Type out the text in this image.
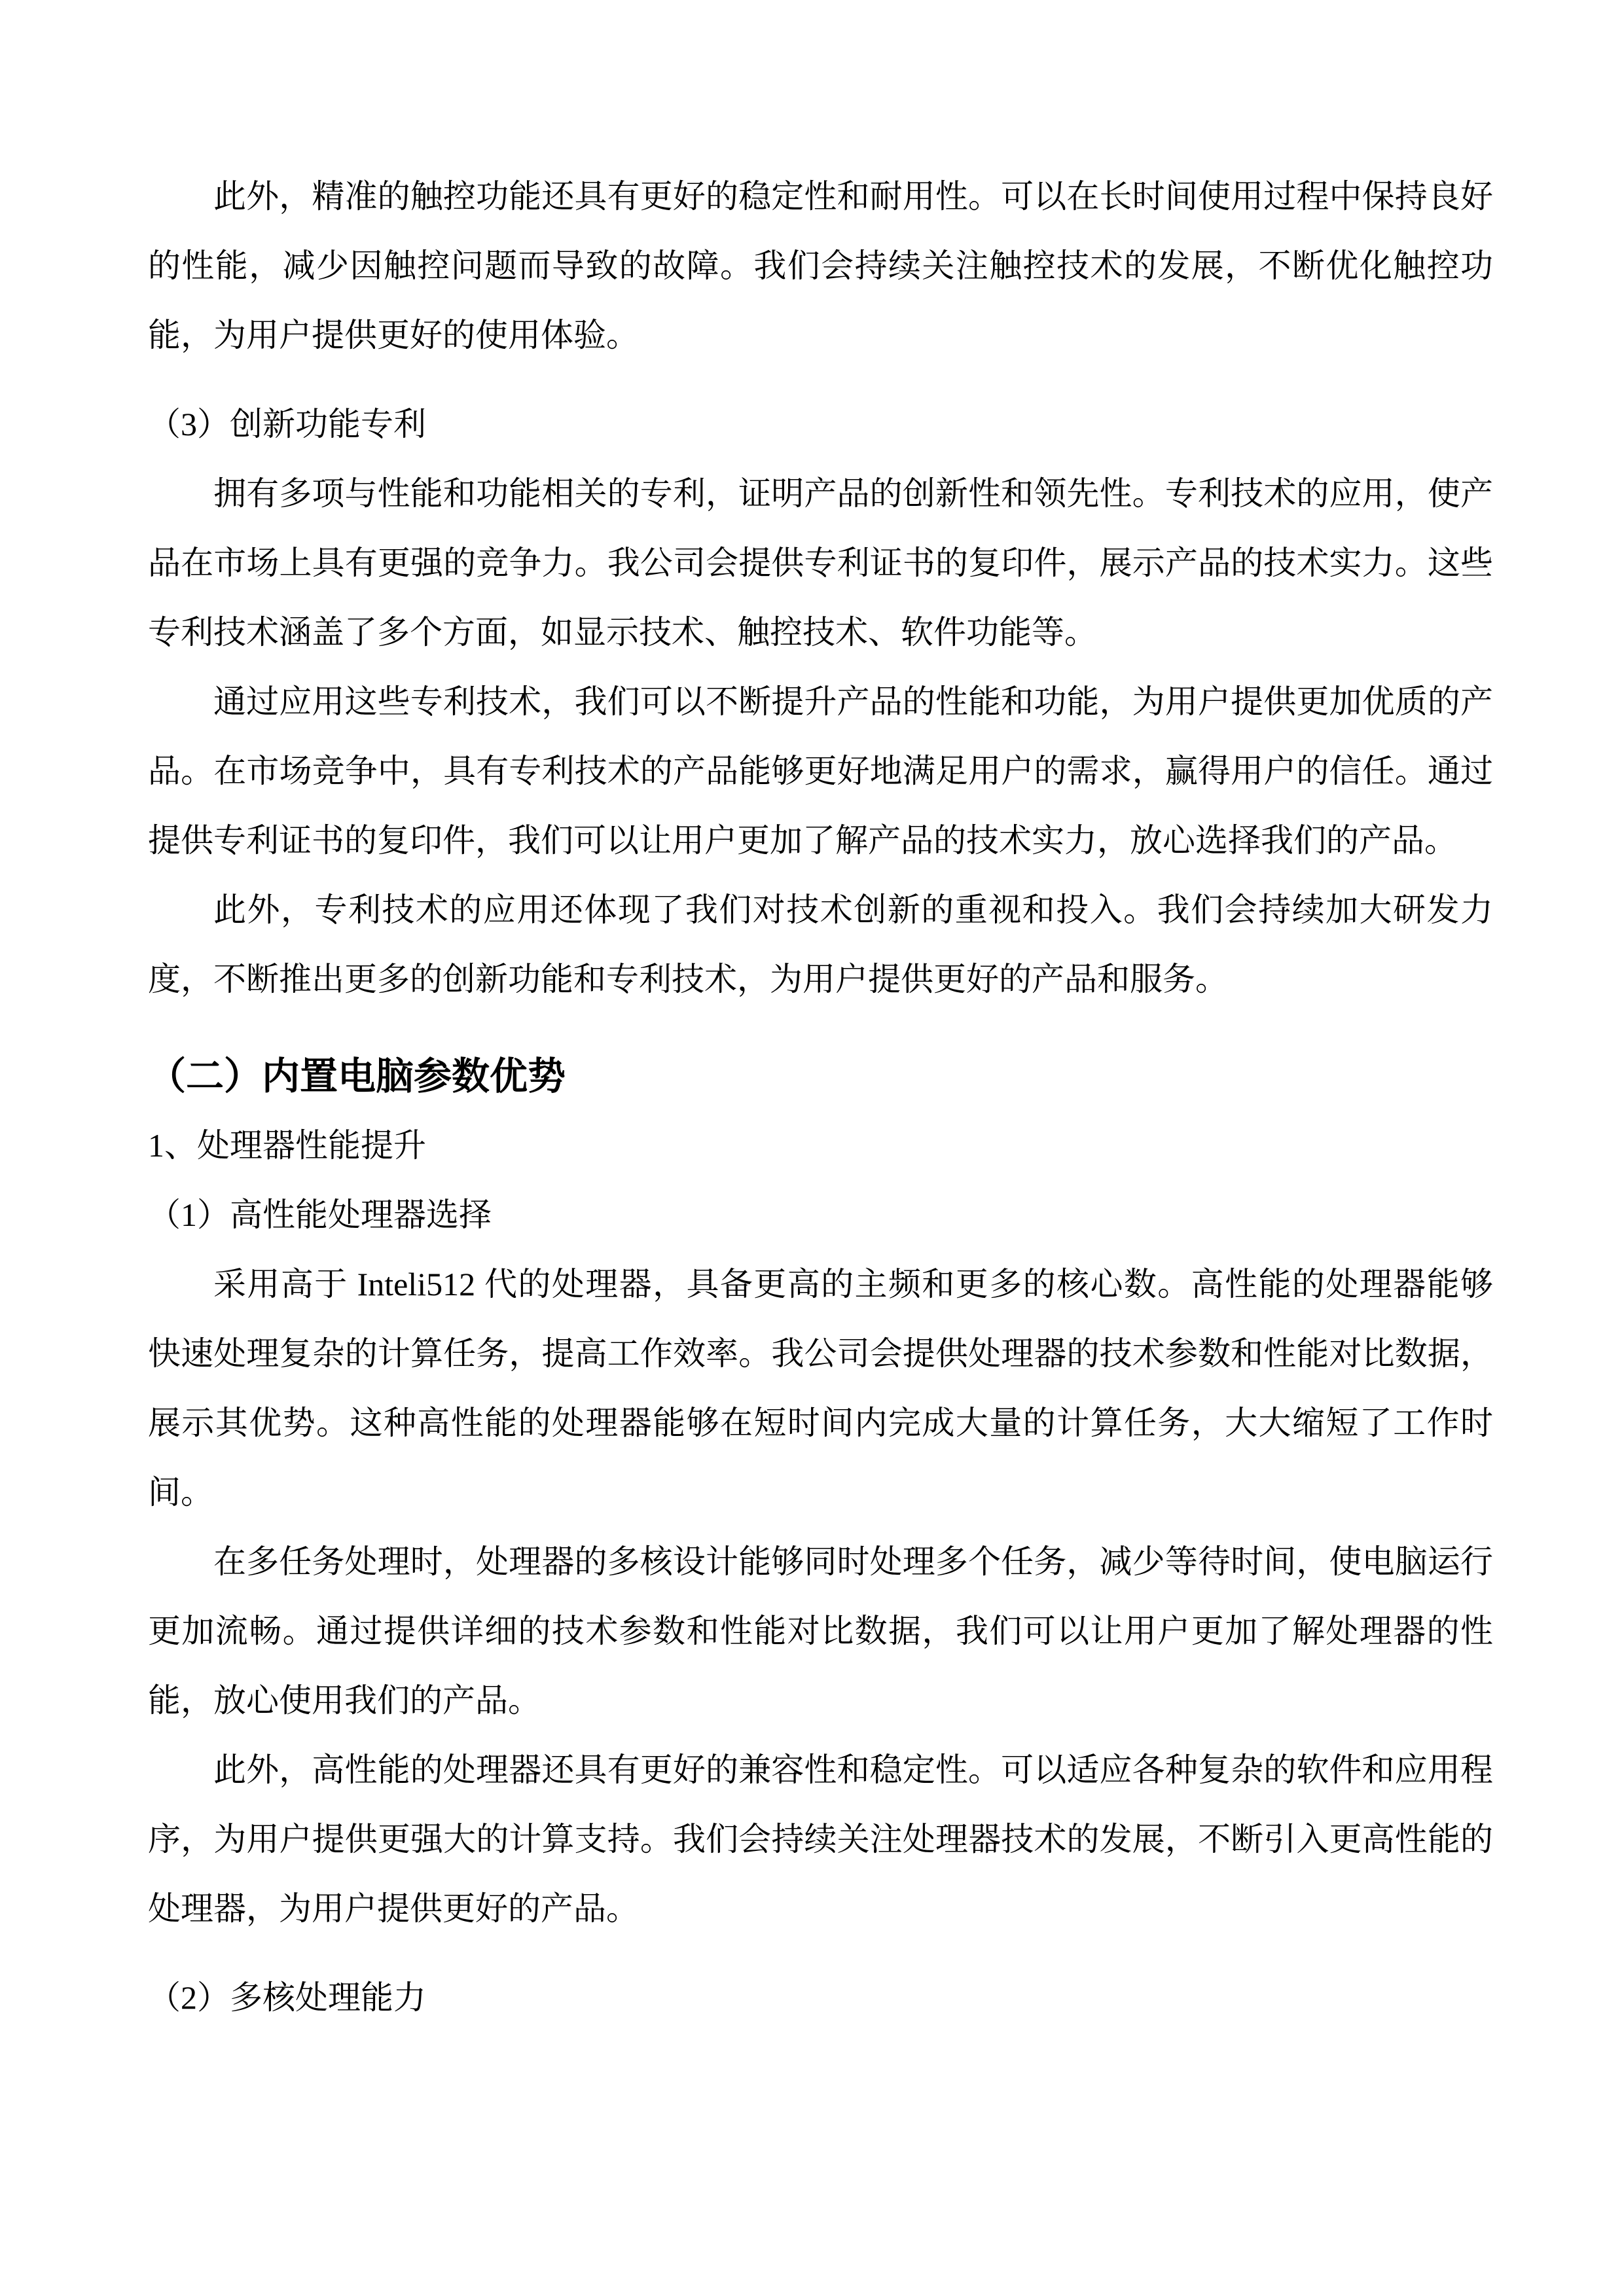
此外，精准的触控功能还具有更好的稳定性和耐用性。可以在长时间使用过程中保持良好的性能，减少因触控问题而导致的故障。我们会持续关注触控技术的发展，不断优化触控功能，为用户提供更好的使用体验。

（3）创新功能专利

拥有多项与性能和功能相关的专利，证明产品的创新性和领先性。专利技术的应用，使产品在市场上具有更强的竞争力。我公司会提供专利证书的复印件，展示产品的技术实力。这些专利技术涵盖了多个方面，如显示技术、触控技术、软件功能等。

通过应用这些专利技术，我们可以不断提升产品的性能和功能，为用户提供更加优质的产品。在市场竞争中，具有专利技术的产品能够更好地满足用户的需求，赢得用户的信任。通过提供专利证书的复印件，我们可以让用户更加了解产品的技术实力，放心选择我们的产品。

此外，专利技术的应用还体现了我们对技术创新的重视和投入。我们会持续加大研发力度，不断推出更多的创新功能和专利技术，为用户提供更好的产品和服务。

（二）内置电脑参数优势

1、处理器性能提升

（1）高性能处理器选择

采用高于 Inteli512 代的处理器，具备更高的主频和更多的核心数。高性能的处理器能够快速处理复杂的计算任务，提高工作效率。我公司会提供处理器的技术参数和性能对比数据，展示其优势。这种高性能的处理器能够在短时间内完成大量的计算任务，大大缩短了工作时间。

在多任务处理时，处理器的多核设计能够同时处理多个任务，减少等待时间，使电脑运行更加流畅。通过提供详细的技术参数和性能对比数据，我们可以让用户更加了解处理器的性能，放心使用我们的产品。

此外，高性能的处理器还具有更好的兼容性和稳定性。可以适应各种复杂的软件和应用程序，为用户提供更强大的计算支持。我们会持续关注处理器技术的发展，不断引入更高性能的处理器，为用户提供更好的产品。

（2）多核处理能力
